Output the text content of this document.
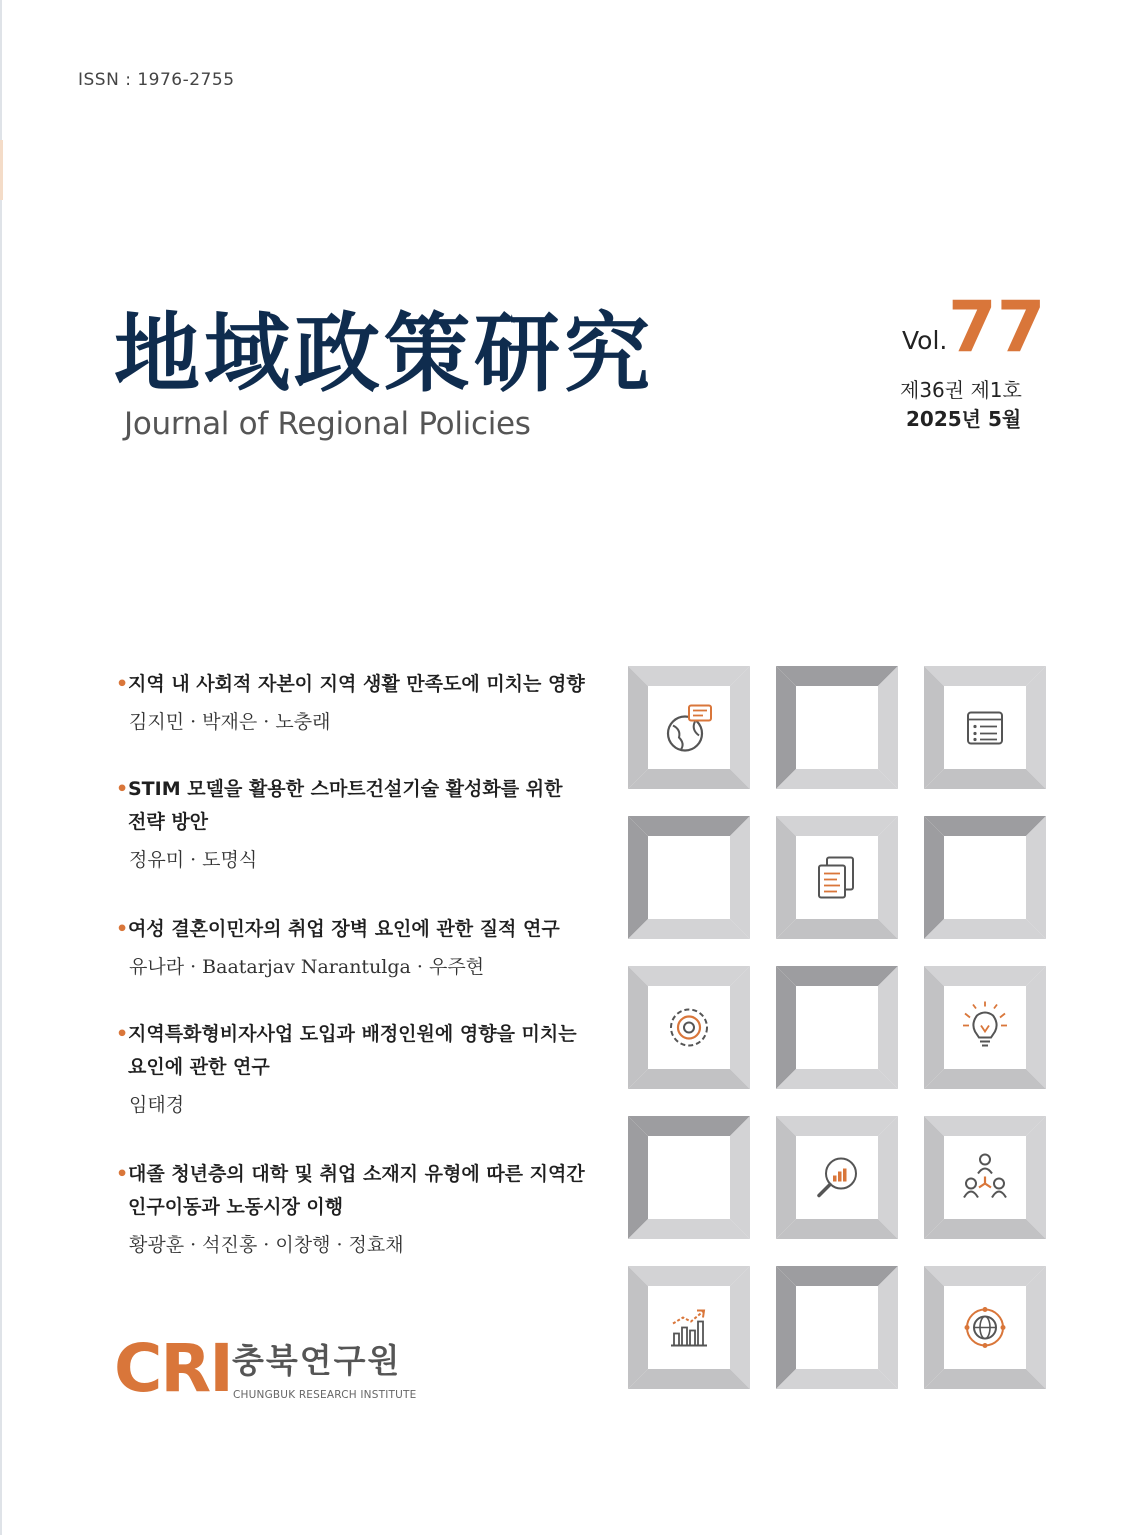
ISSN : 1976-2755
地域政策研究
Journal of Regional Policies
Vol. 77
제36권 제1호
2025년 5월
• 지역 내 사회적 자본이 지역 생활 만족도에 미치는 영향
김지민 · 박재은 · 노충래
• STIM 모델을 활용한 스마트건설기술 활성화를 위한 전략 방안
정유미 · 도명식
• 여성 결혼이민자의 취업 장벽 요인에 관한 질적 연구
유나라 · Baatarjav Narantulga · 우주현
• 지역특화형비자사업 도입과 배정인원에 영향을 미치는 요인에 관한 연구
임태경
• 대졸 청년층의 대학 및 취업 소재지 유형에 따른 지역간 인구이동과 노동시장 이행
황광훈 · 석진홍 · 이창행 · 정효채
CRI 충북연구원
CHUNGBUK RESEARCH INSTITUTE
